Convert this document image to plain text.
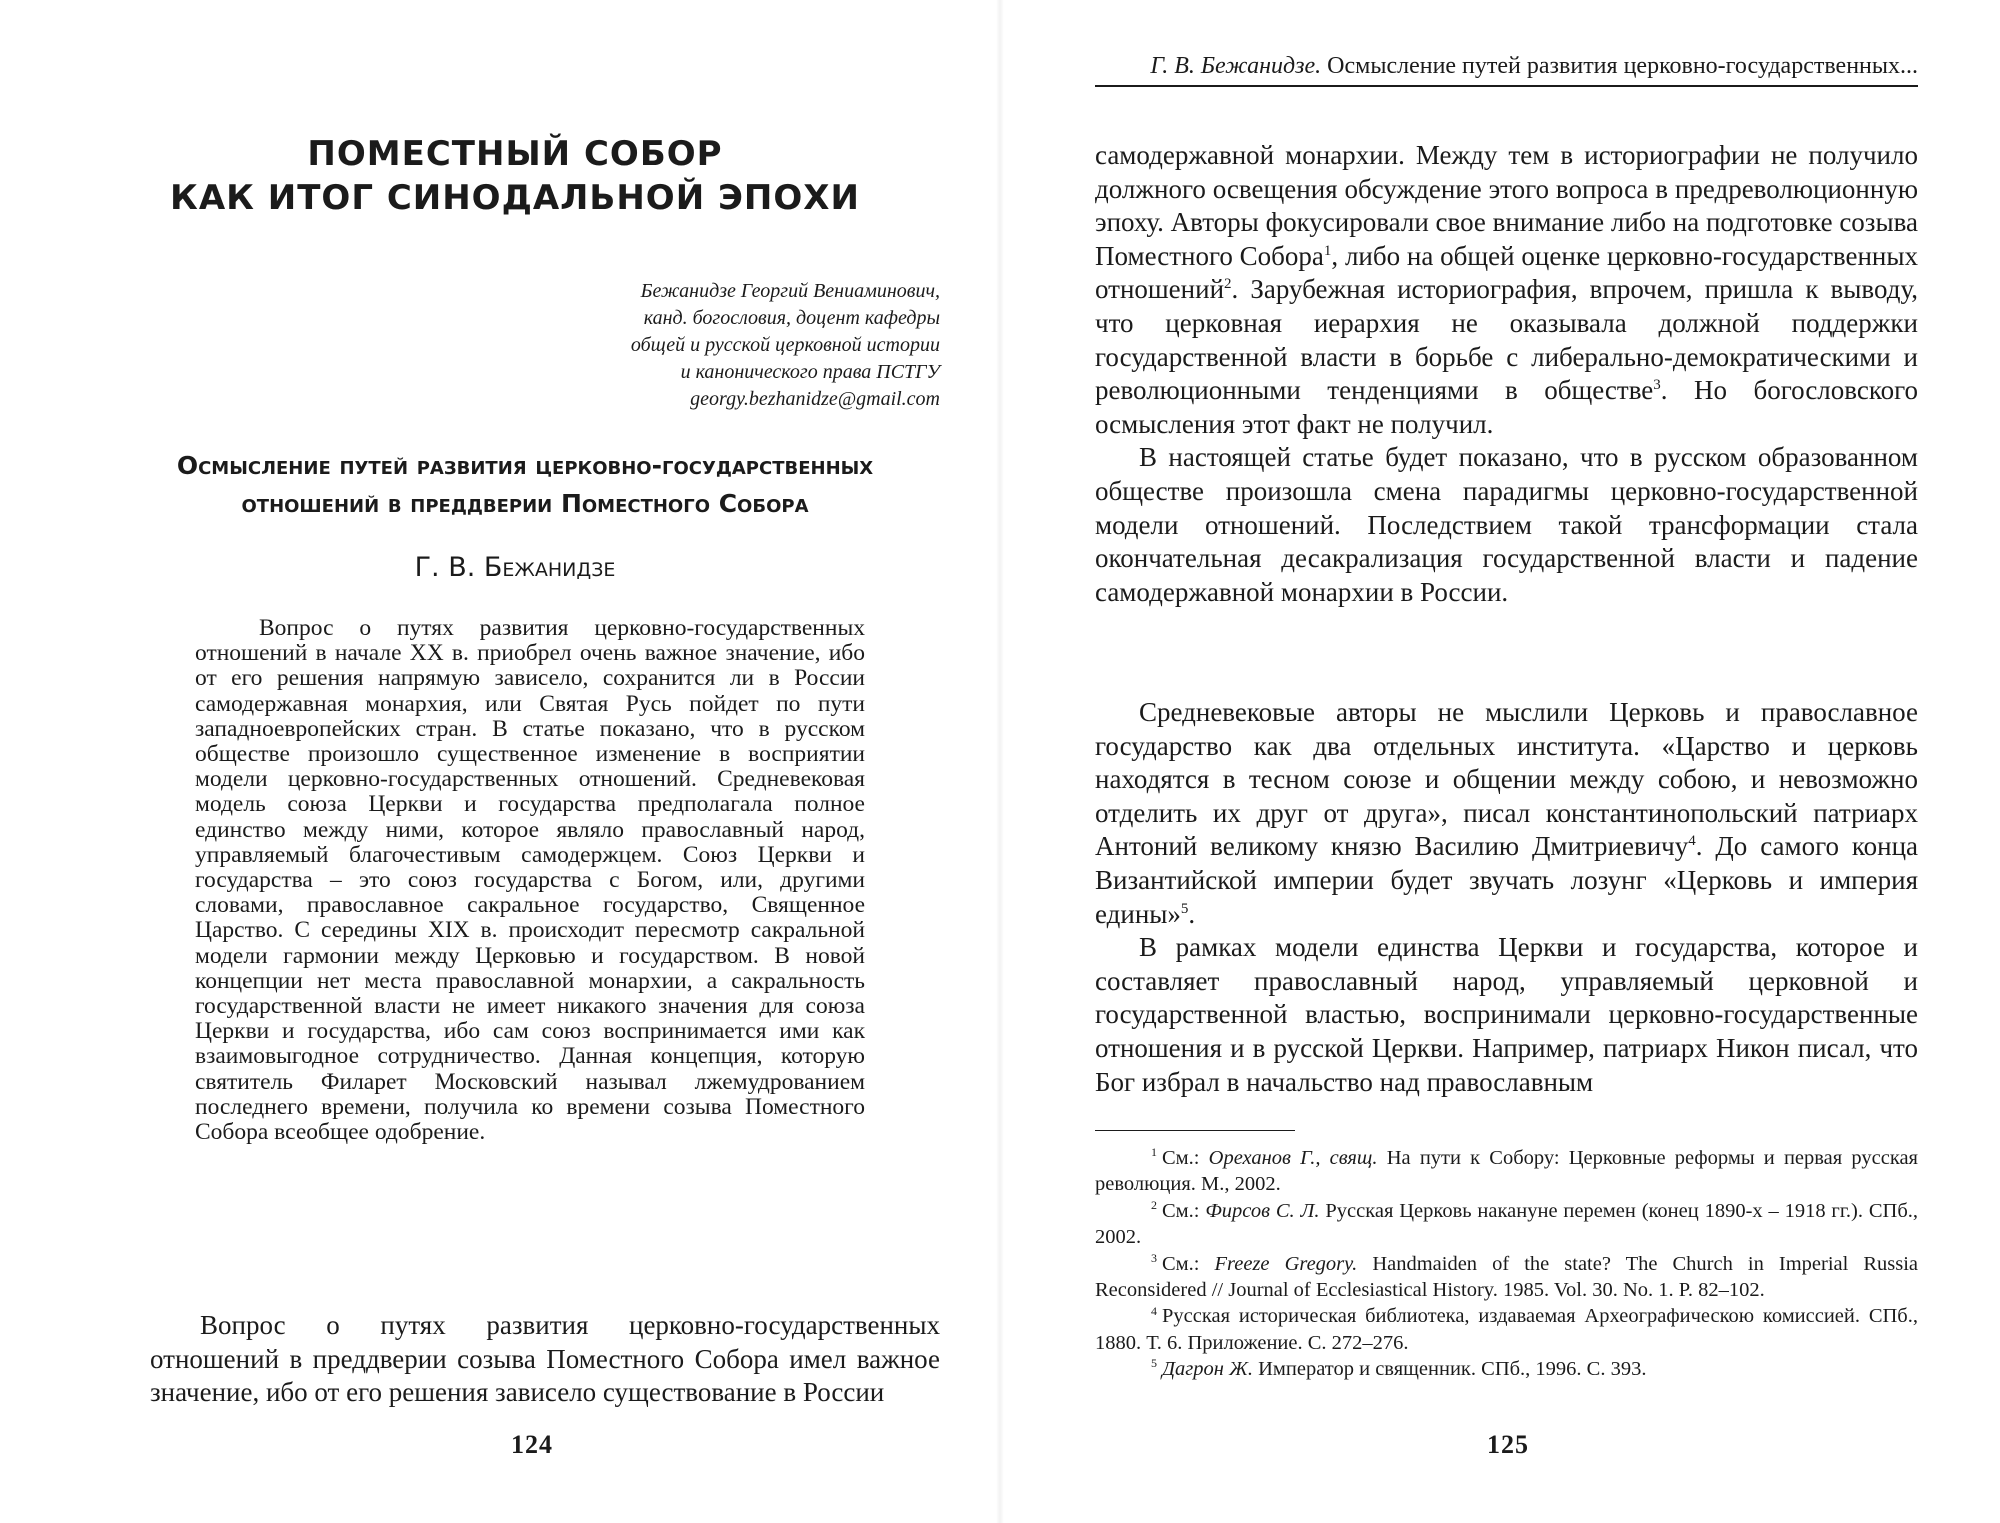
ПОМЕСТНЫЙ СОБОР
КАК ИТОГ СИНОДАЛЬНОЙ ЭПОХИ
Бежанидзе Георгий Вениаминович,
канд. богословия, доцент кафедры
общей и русской церковной истории
и канонического права ПСТГУ
georgy.bezhanidze@gmail.com
Осмысление путей развития церковно-государственных
отношений в преддверии Поместного Собора
Г. В. Бежанидзе

Вопрос о путях развития церковно-государственных отношений в начале XX в. приобрел очень важное значение, ибо от его решения напрямую зависело, сохранится ли в России самодержавная монархия, или Святая Русь пойдет по пути западноевропейских стран. В статье показано, что в русском обществе произошло существенное изменение в восприятии модели церковно-государственных отношений. Средневековая модель союза Церкви и государства предполагала полное единство между ними, которое являло православный народ, управляемый благочестивым самодержцем. Союз Церкви и государства – это союз государства с Богом, или, другими словами, православное сакральное государство, Священное Царство. С середины XIX в. происходит пересмотр сакральной модели гармонии между Церковью и государством. В новой концепции нет места православной монархии, а сакральность государственной власти не имеет никакого значения для союза Церкви и государства, ибо сам союз воспринимается ими как взаимовыгодное сотрудничество. Данная концепция, которую святитель Филарет Московский называл лжемудрованием последнего времени, получила ко времени созыва Поместного Собора всеобщее одобрение.

Вопрос о путях развития церковно-государственных отношений в преддверии созыва Поместного Собора имел важное значение, ибо от его решения зависело существование в России

124
Г. В. Бежанидзе. Осмысление путей развития церковно-государственных...

самодержавной монархии. Между тем в историографии не получило должного освещения обсуждение этого вопроса в предреволюционную эпоху. Авторы фокусировали свое внимание либо на подготовке созыва Поместного Собора$^1$, либо на общей оценке церковно-государственных отношений$^2$. Зарубежная историография, впрочем, пришла к выводу, что церковная иерархия не оказывала должной поддержки государственной власти в борьбе с либерально-демократическими и революционными тенденциями в обществе$^3$. Но богословского осмысления этот факт не получил.

В настоящей статье будет показано, что в русском образованном обществе произошла смена парадигмы церковно-государственной модели отношений. Последствием такой трансформации стала окончательная десакрализация государственной власти и падение самодержавной монархии в России.

Средневековые авторы не мыслили Церковь и православное государство как два отдельных института. «Царство и церковь находятся в тесном союзе и общении между собою, и невозможно отделить их друг от друга», писал константинопольский патриарх Антоний великому князю Василию Дмитриевичу$^4$. До самого конца Византийской империи будет звучать лозунг «Церковь и империя едины»$^5$.

В рамках модели единства Церкви и государства, которое и составляет православный народ, управляемый церковной и государственной властью, воспринимали церковно-государственные отношения и в русской Церкви. Например, патриарх Никон писал, что Бог избрал в начальство над православным

$^1$ См.: Ореханов Г., свящ. На пути к Собору: Церковные реформы и первая русская революция. М., 2002.

$^2$ См.: Фирсов С. Л. Русская Церковь накануне перемен (конец 1890-х – 1918 гг.). СПб., 2002.

$^3$ См.: Freeze Gregory. Handmaiden of the state? The Church in Imperial Russia Reconsidered // Journal of Ecclesiastical History. 1985. Vol. 30. No. 1. P. 82–102.

$^4$ Русская историческая библиотека, издаваемая Археографическою комиссией. СПб., 1880. Т. 6. Приложение. С. 272–276.

$^5$ Дагрон Ж. Император и священник. СПб., 1996. С. 393.

125
